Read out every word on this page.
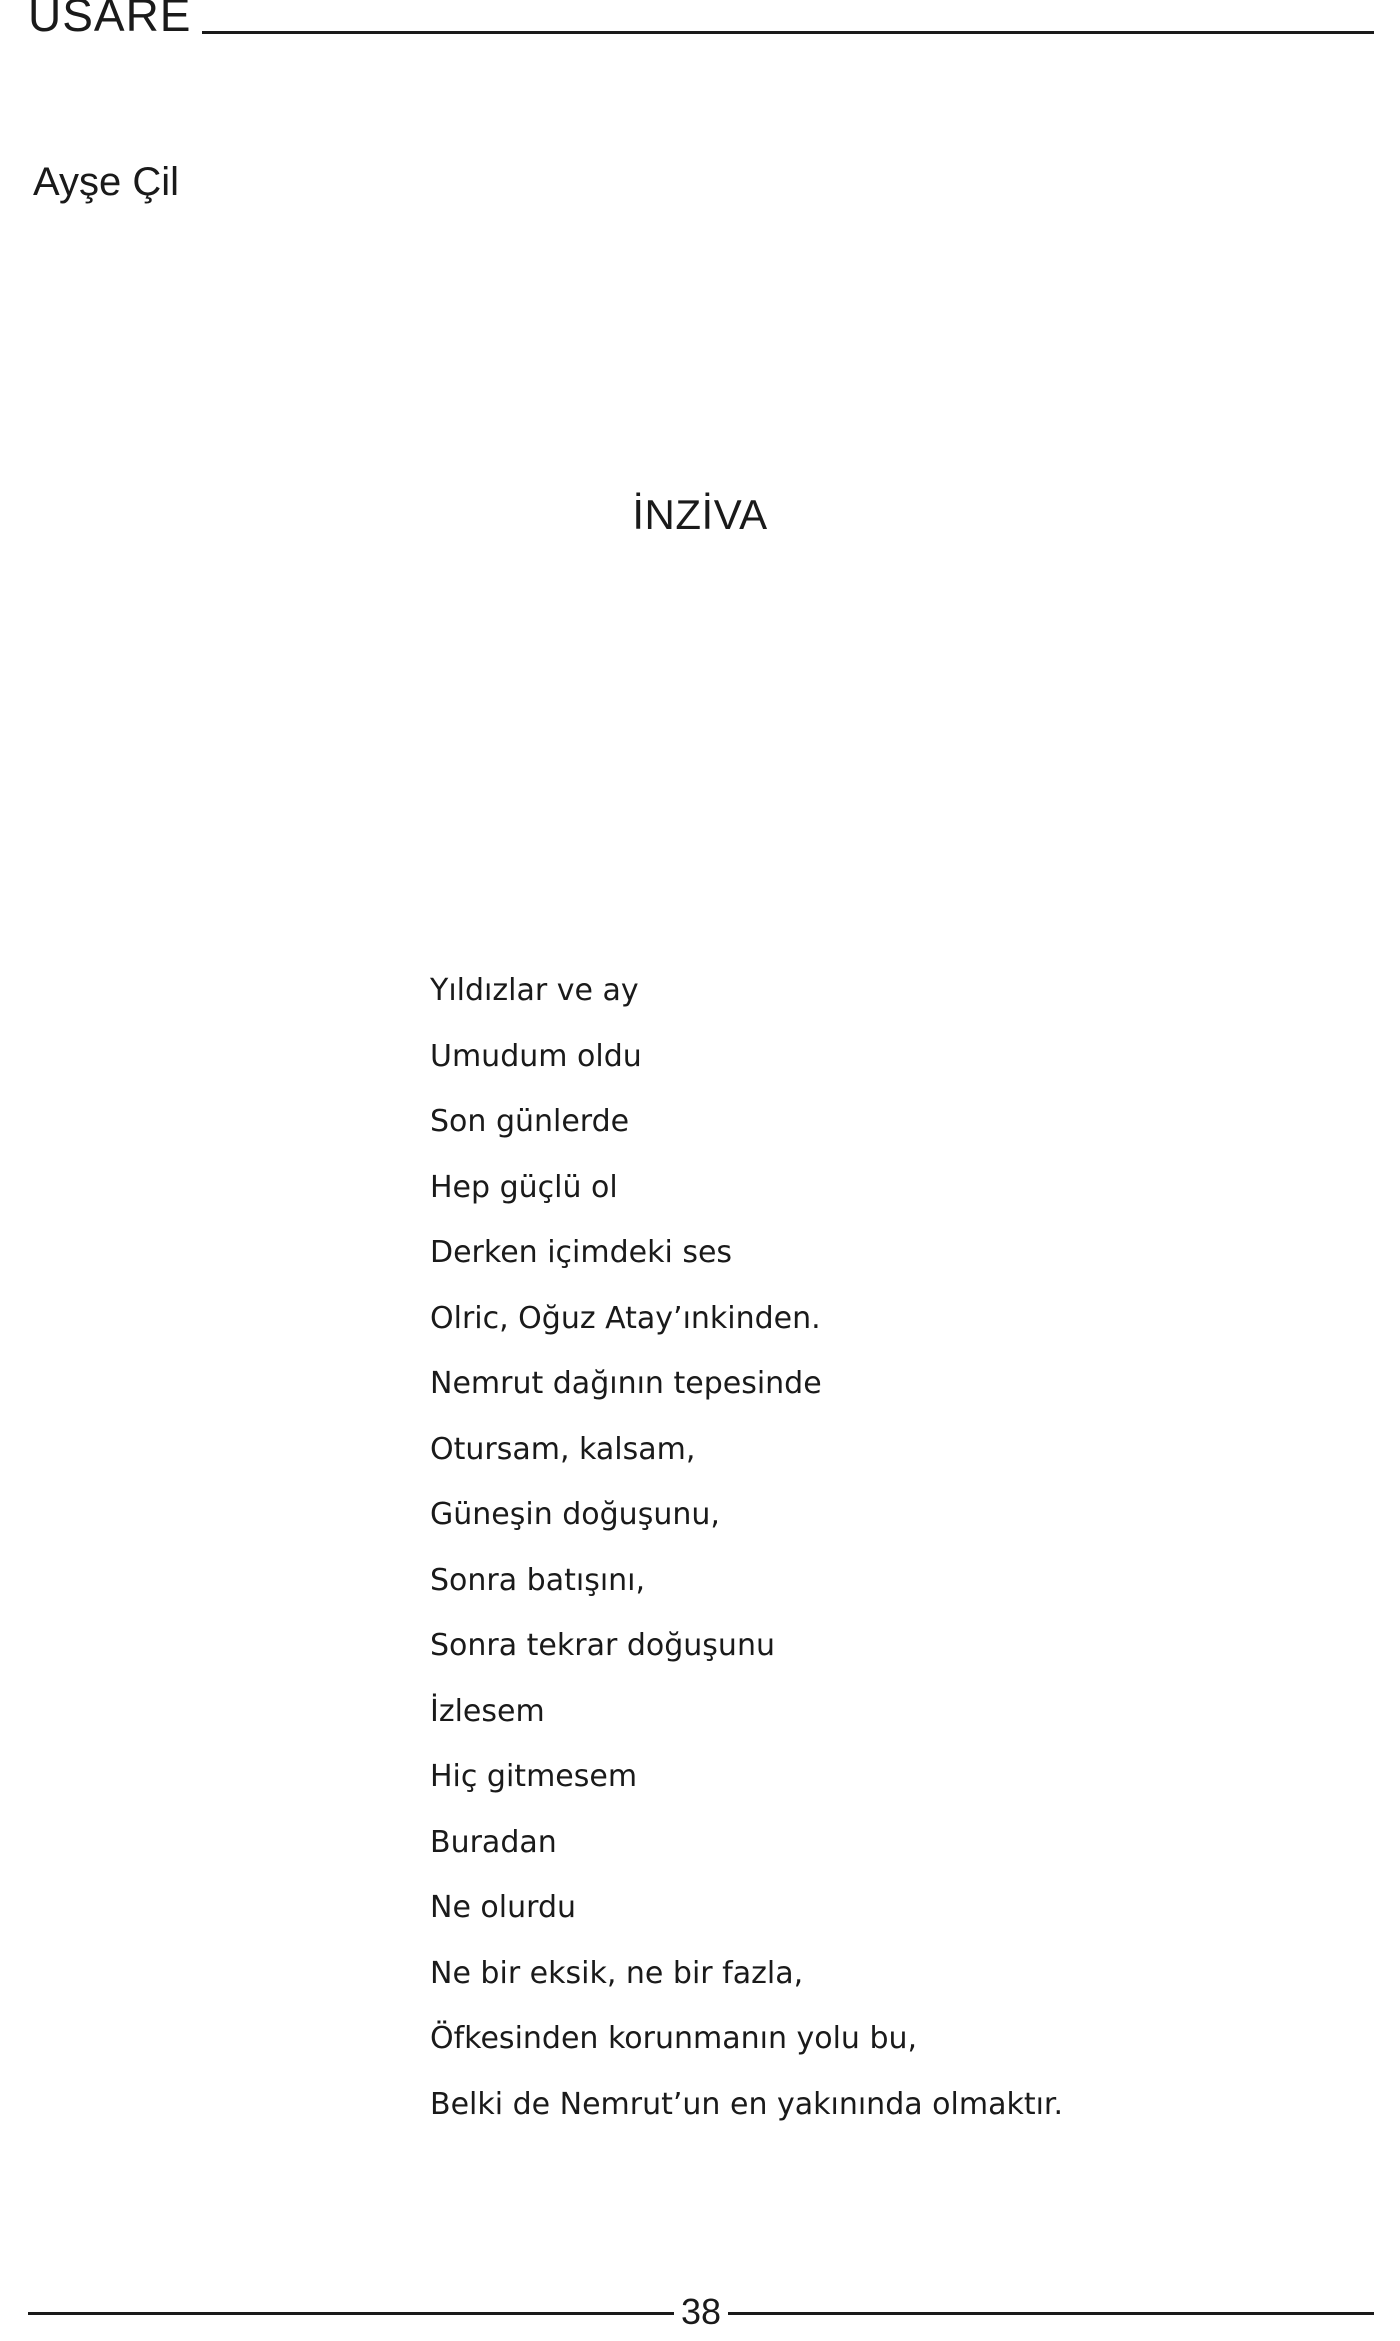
USARE
Ayşe Çil
İNZİVA
Yıldızlar ve ay
Umudum oldu
Son günlerde
Hep güçlü ol
Derken içimdeki ses
Olric, Oğuz Atay’ınkinden.
Nemrut dağının tepesinde
Otursam, kalsam,
Güneşin doğuşunu,
Sonra batışını,
Sonra tekrar doğuşunu
İzlesem
Hiç gitmesem
Buradan
Ne olurdu
Ne bir eksik, ne bir fazla,
Öfkesinden korunmanın yolu bu,
Belki de Nemrut’un en yakınında olmaktır.
38
